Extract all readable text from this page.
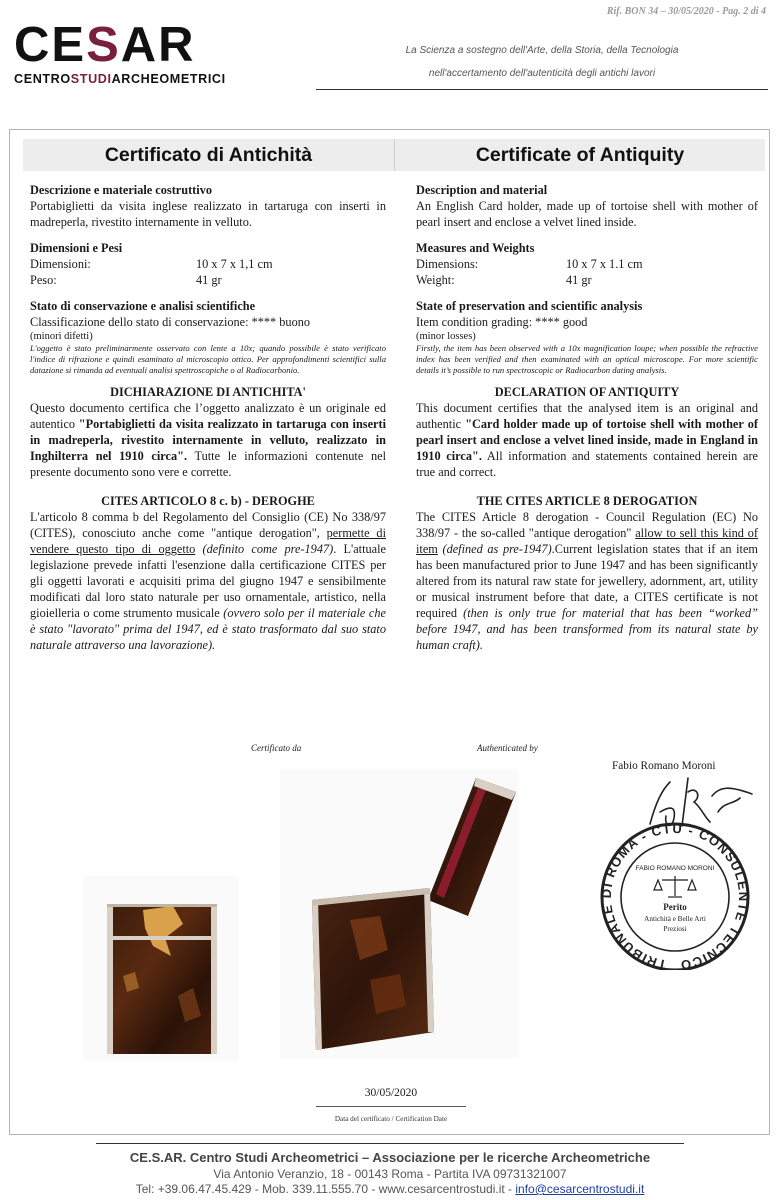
Rif. BON 34 – 30/05/2020 - Pag. 2 di 4
CESAR
CENTROSTUDIARCHEOMETRICI
La Scienza a sostegno dell'Arte, della Storia, della Tecnologia
nell'accertamento dell'autenticità degli antichi lavori
Certificato di Antichità	Certificate of Antiquity
Descrizione e materiale costruttivo
Portabiglietti da visita inglese realizzato in tartaruga con inserti in madreperla, rivestito internamente in velluto.
Dimensioni e Pesi
Dimensioni:	10 x 7 x 1,1 cm
Peso:	41 gr
Stato di conservazione e analisi scientifiche
Classificazione dello stato di conservazione: **** buono
(minori difetti)
L'oggetto è stato preliminarmente osservato con lente a 10x; quando possibile è stato verificato l'indice di rifrazione e quindi esaminato al microscopio ottico. Per approfondimenti scientifici sulla datazione si rimanda ad eventuali analisi spettroscopiche o al Radiocarbonio.
DICHIARAZIONE DI ANTICHITA'
Questo documento certifica che l’oggetto analizzato è un originale ed autentico "Portabiglietti da visita realizzato in tartaruga con inserti in madreperla, rivestito internamente in velluto, realizzato in Inghilterra nel 1910 circa". Tutte le informazioni contenute nel presente documento sono vere e corrette.
CITES ARTICOLO 8 c. b) - DEROGHE
L'articolo 8 comma b del Regolamento del Consiglio (CE) No 338/97 (CITES), conosciuto anche come "antique derogation", permette di vendere questo tipo di oggetto (definito come pre-1947). L'attuale legislazione prevede infatti l'esenzione dalla certificazione CITES per gli oggetti lavorati e acquisiti prima del giugno 1947 e sensibilmente modificati dal loro stato naturale per uso ornamentale, artistico, nella gioielleria o come strumento musicale (ovvero solo per il materiale che è stato "lavorato" prima del 1947, ed è stato trasformato dal suo stato naturale attraverso una lavorazione).
Description and material
An English Card holder, made up of tortoise shell with mother of pearl insert and enclose a velvet lined inside.
Measures and Weights
Dimensions:	10 x 7 x 1.1 cm
Weight:	41 gr
State of preservation and scientific analysis
Item condition grading: **** good
(minor losses)
Firstly, the item has been observed with a 10x magnification loupe; when possible the refractive index has been verified and then examinated with an optical microscope. For more scientific details it’s possible to run spectroscopic or Radiocarbon dating analysis.
DECLARATION OF ANTIQUITY
This document certifies that the analysed item is an original and authentic "Card holder made up of tortoise shell with mother of pearl insert and enclose a velvet lined inside, made in England in 1910 circa". All information and statements contained herein are true and correct.
THE CITES ARTICLE 8 DEROGATION
The CITES Article 8 derogation - Council Regulation (EC) No 338/97 - the so-called "antique derogation" allow to sell this kind of item (defined as pre-1947).Current legislation states that if an item has been manufactured prior to June 1947 and has been significantly altered from its natural raw state for jewellery, adornment, art, utility or musical instrument before that date, a CITES certificate is not required (then is only true for material that has been “worked” before 1947, and has been transformed from its natural state by human craft).
Certificato da	Authenticated by
Fabio Romano Moroni
TRIBUNALE DI ROMA - CTU - CONSULENTE TECNICO
FABIO ROMANO MORONI
Perito
Antichità e Belle Arti
Preziosi
30/05/2020
Data del certificato / Certification Date
CE.S.AR. Centro Studi Archeometrici – Associazione per le ricerche Archeometriche
Via Antonio Veranzio, 18 - 00143 Roma - Partita IVA 09731321007
Tel: +39.06.47.45.429 - Mob. 339.11.555.70 - www.cesarcentrostudi.it - info@cesarcentrostudi.it
